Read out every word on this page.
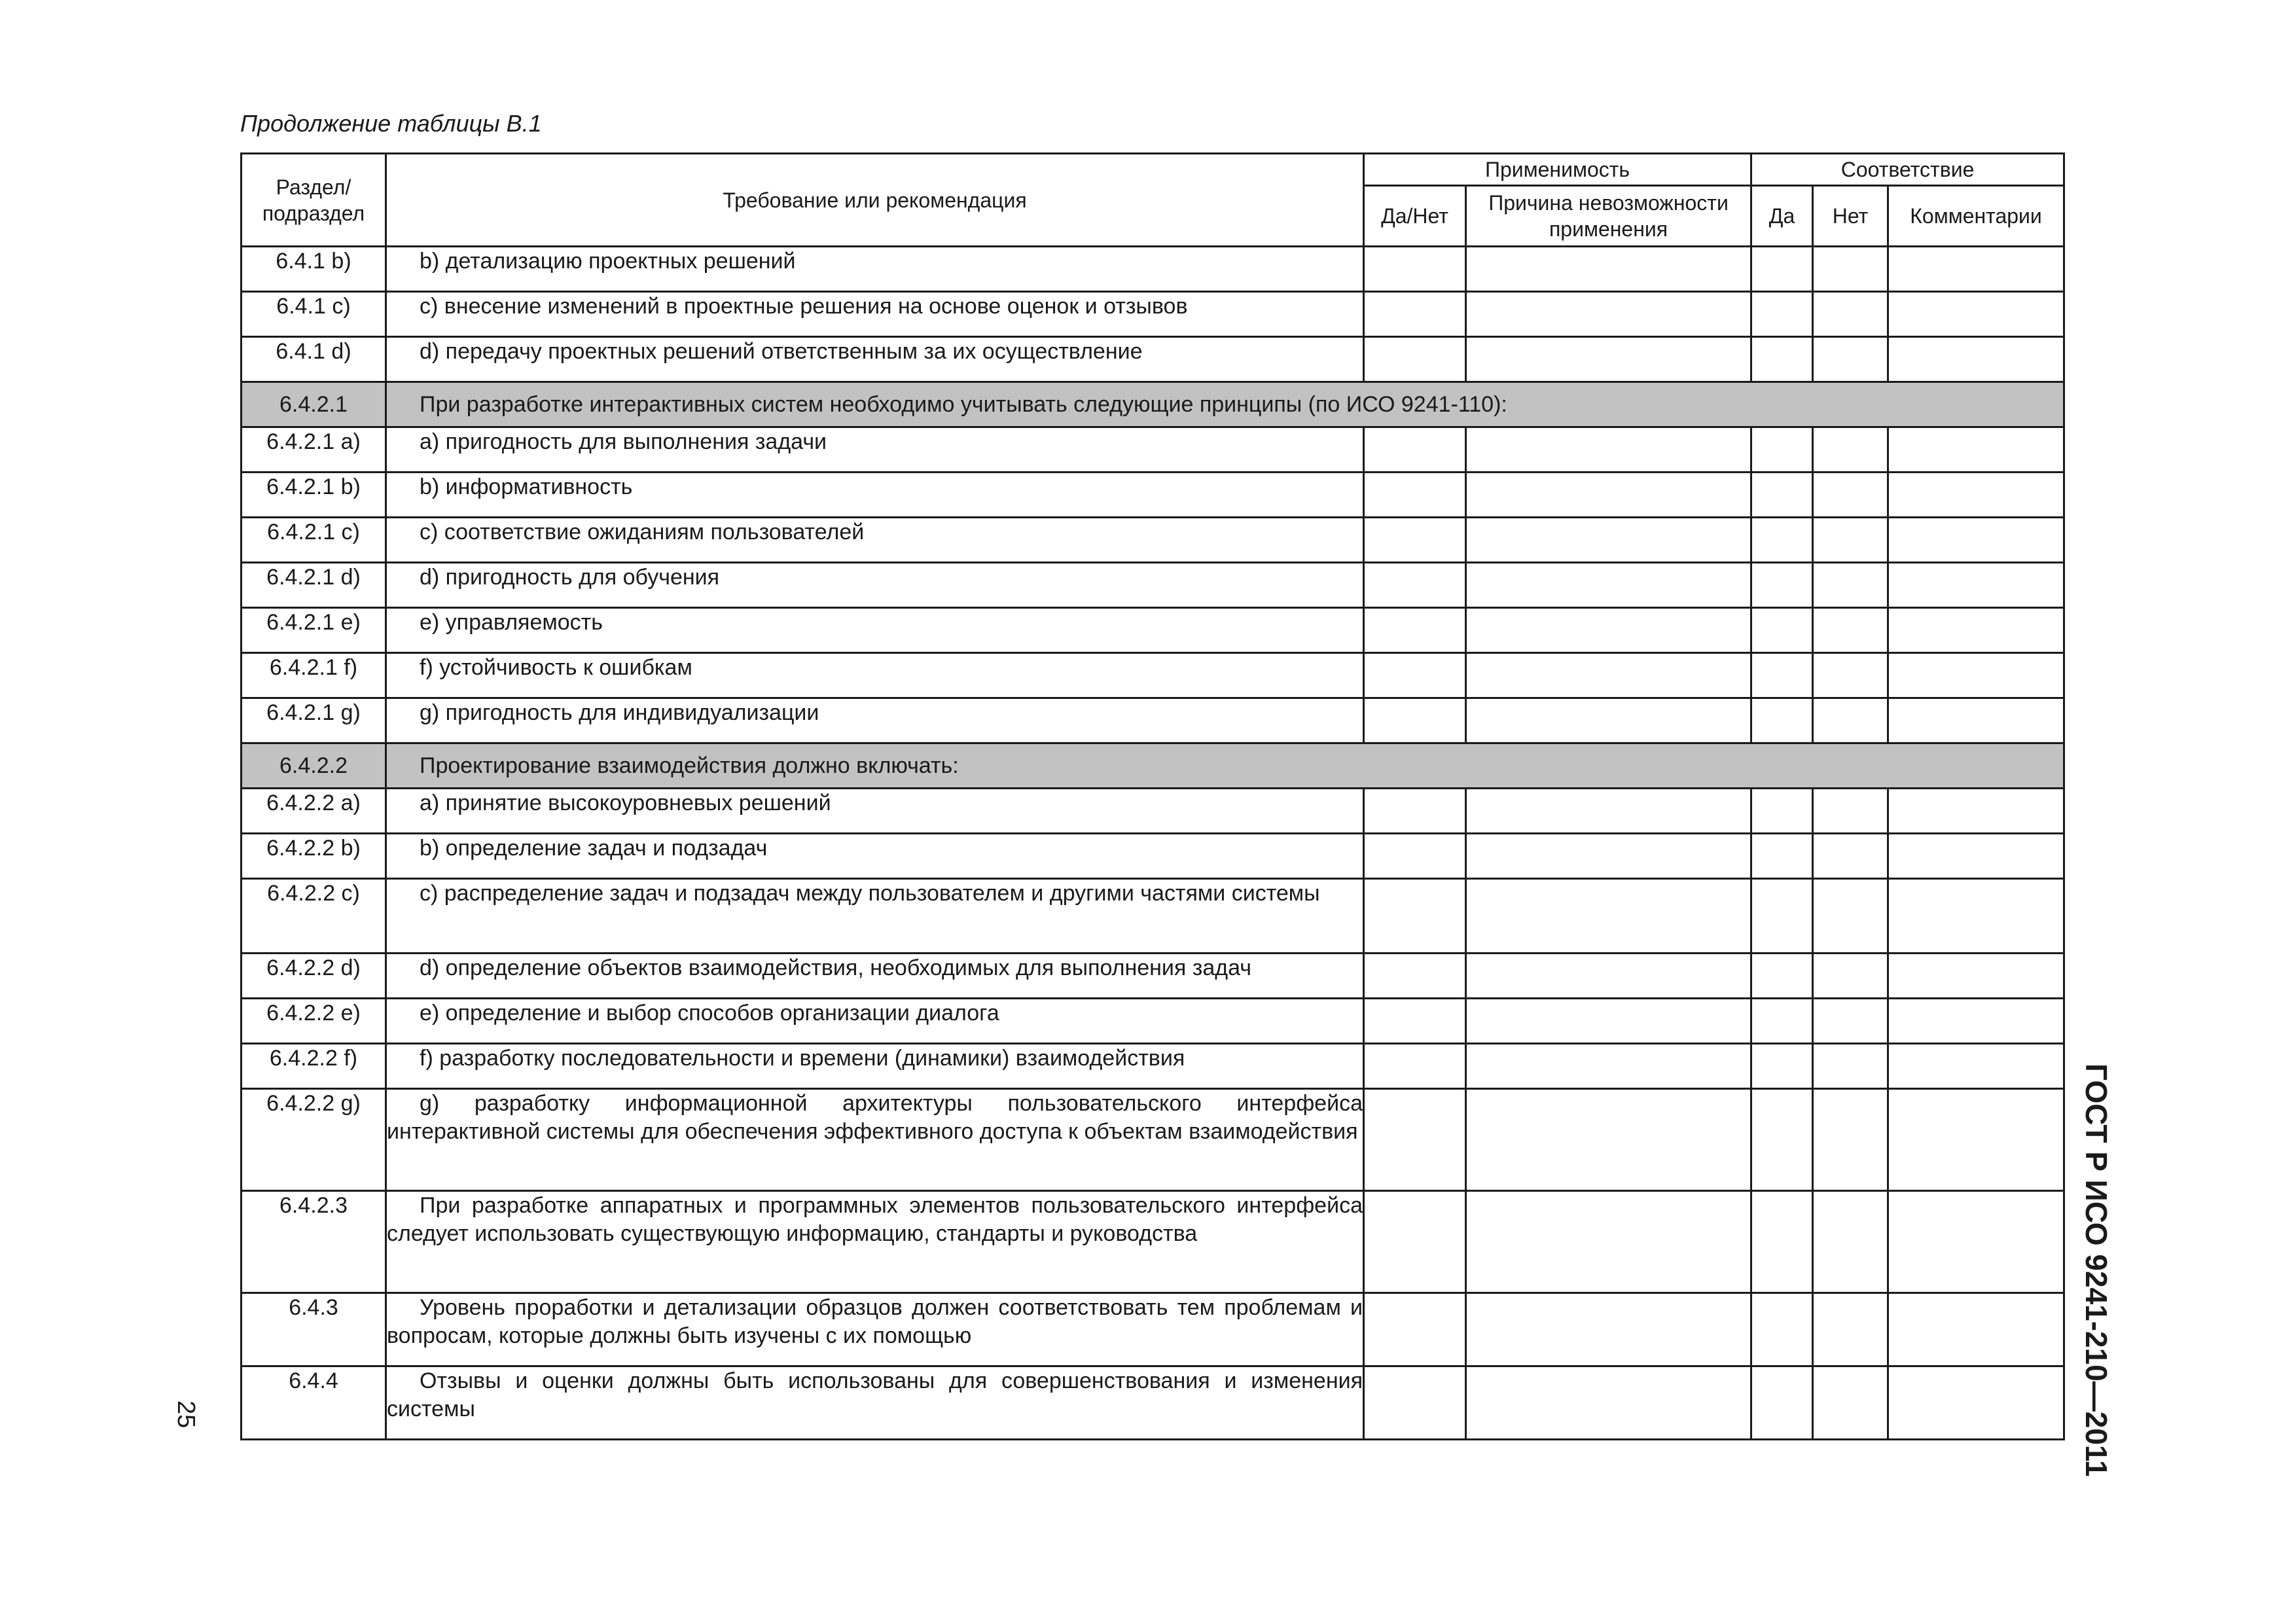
Продолжение таблицы В.1
Раздел/ подраздел	Требование или рекомендация	Применимость		Соответствие		
		Да/Нет	Причина невозможности применения	Да	Нет	Комментарии
6.4.1 b)	b) детализацию проектных решений					

6.4.1 c)	c) внесение изменений в проектные решения на основе оценок и отзывов					

6.4.1 d)	d) передачу проектных решений ответственным за их осуществление					

6.4.2.1	При разработке интерактивных систем необходимо учитывать следующие принципы (по ИСО 9241-110):					

6.4.2.1 a)	a) пригодность для выполнения задачи					

6.4.2.1 b)	b) информативность					

6.4.2.1 c)	c) соответствие ожиданиям пользователей					

6.4.2.1 d)	d) пригодность для обучения					

6.4.2.1 e)	e) управляемость					

6.4.2.1 f)	f) устойчивость к ошибкам					

6.4.2.1 g)	g) пригодность для индивидуализации					

6.4.2.2	Проектирование взаимодействия должно включать:					

6.4.2.2 a)	a) принятие высокоуровневых решений					

6.4.2.2 b)	b) определение задач и подзадач					

6.4.2.2 c)	c) распределение задач и подзадач между пользователем и другими частями системы					

6.4.2.2 d)	d) определение объектов взаимодействия, необходимых для выполнения задач					

6.4.2.2 e)	e) определение и выбор способов организации диалога					

6.4.2.2 f)	f) разработку последовательности и времени (динамики) взаимодействия					

6.4.2.2 g)	g) разработку информационной архитектуры пользовательского интерфейса интерактивной системы для обеспечения эффективного доступа к объектам взаимодействия					

6.4.2.3	При разработке аппаратных и программных элементов пользовательского интерфейса следует использовать существующую информацию, стандарты и руководства					

6.4.3	Уровень проработки и детализации образцов должен соответствовать тем проблемам и вопросам, которые должны быть изучены с их помощью					

6.4.4	Отзывы и оценки должны быть использованы для совершенствования и изменения системы					
						ГОСТ Р ИСО 9241-210—2011
25
